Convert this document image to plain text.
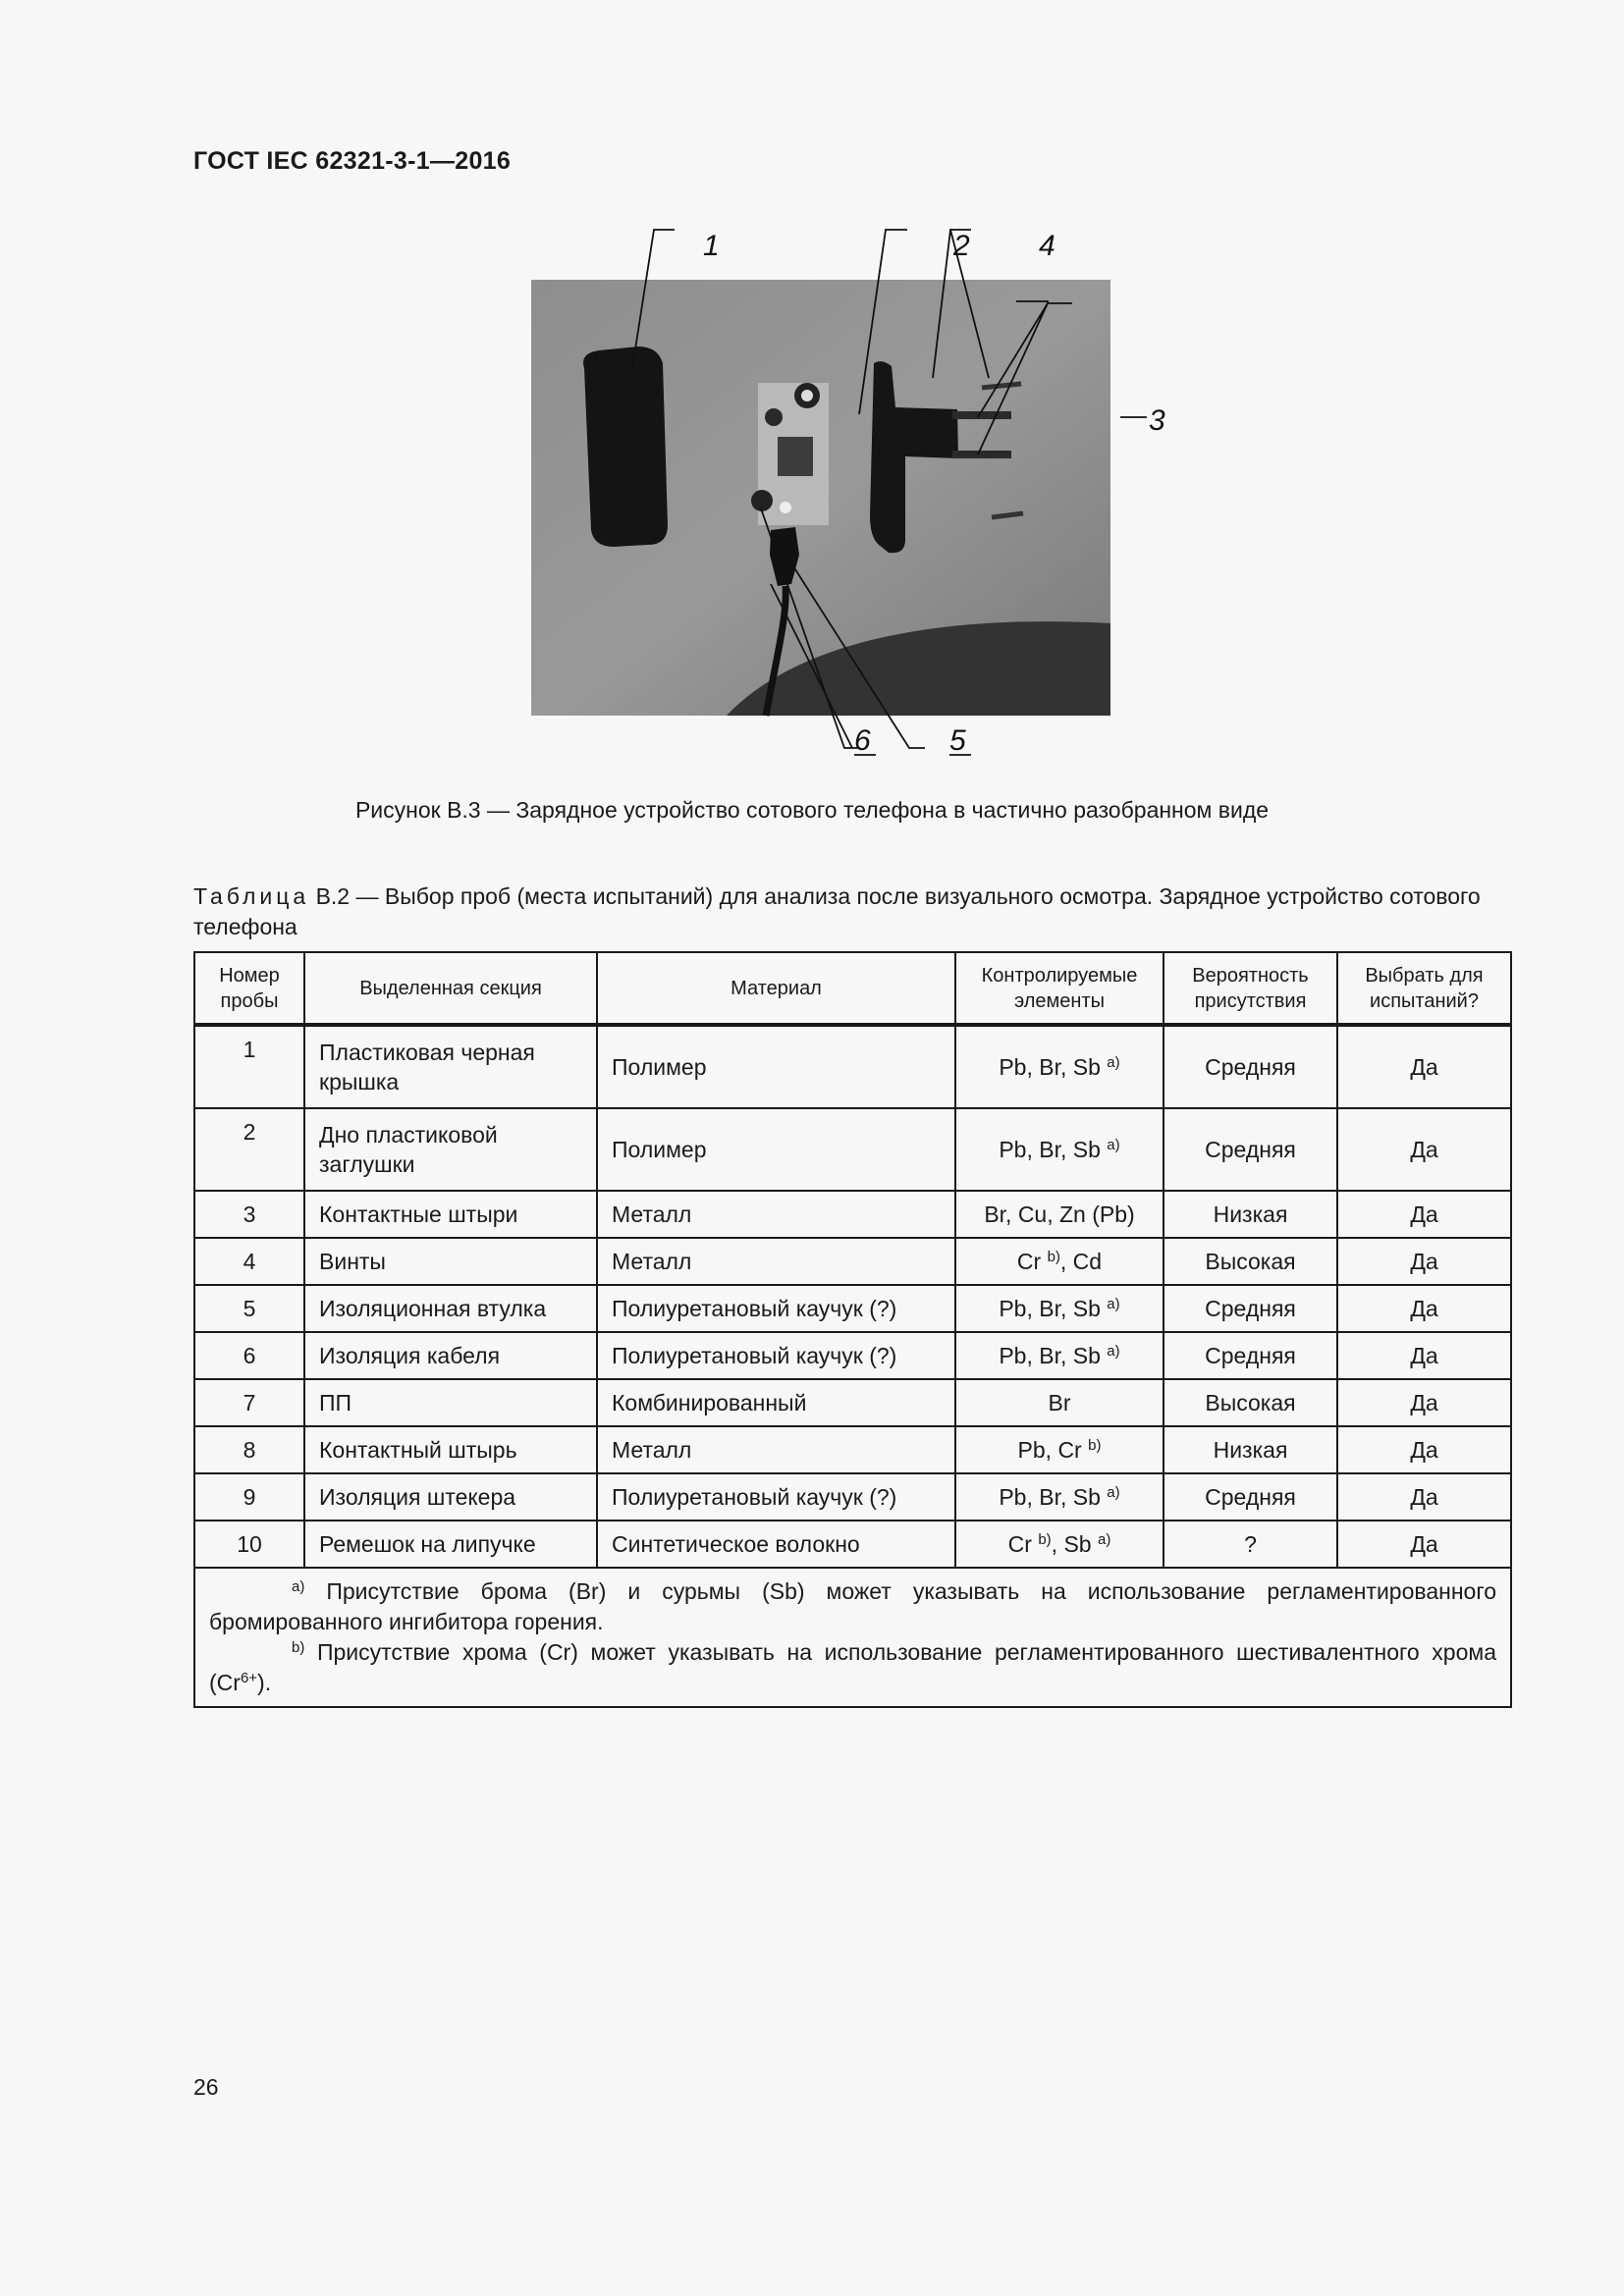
ГОСТ IEC 62321-3-1—2016
1	2 4
3
6	5
Рисунок В.3 — Зарядное устройство сотового телефона в частично разобранном виде
Таблица В.2 — Выбор проб (места испытаний) для анализа после визуального осмотра. Зарядное устройство сотового телефона
Номер пробы	Выделенная секция	Материал	Контролируемые элементы	Вероятность присутствия	Выбрать для испытаний?
1	Пластиковая черная крышка	Полимер	Pb, Br, Sb $^{a)}$	Средняя	Да
2	Дно пластиковой заглушки	Полимер	Pb, Br, Sb $^{a)}$	Средняя	Да
3	Контактные штыри	Металл	Br, Cu, Zn (Pb)	Низкая	Да
4	Винты	Металл	Cr $^{b)}$, Cd	Высокая	Да
5	Изоляционная втулка	Полиуретановый каучук (?)	Pb, Br, Sb $^{a)}$	Средняя	Да
6	Изоляция кабеля	Полиуретановый каучук (?)	Pb, Br, Sb $^{a)}$	Средняя	Да
7	ПП	Комбинированный	Br	Высокая	Да
8	Контактный штырь	Металл	Pb, Cr $^{b)}$	Низкая	Да
9	Изоляция штекера	Полиуретановый каучук (?)	Pb, Br, Sb $^{a)}$	Средняя	Да
10	Ремешок на липучке	Синтетическое волокно	Cr $^{b)}$, Sb $^{a)}$	?	Да

$^{a)}$ Присутствие брома (Br) и сурьмы (Sb) может указывать на использование регламентированного бромированного ингибитора горения.
$^{b)}$ Присутствие хрома (Cr) может указывать на использование регламентированного шестивалентного хрома $(Cr^{6+})$.					
26
